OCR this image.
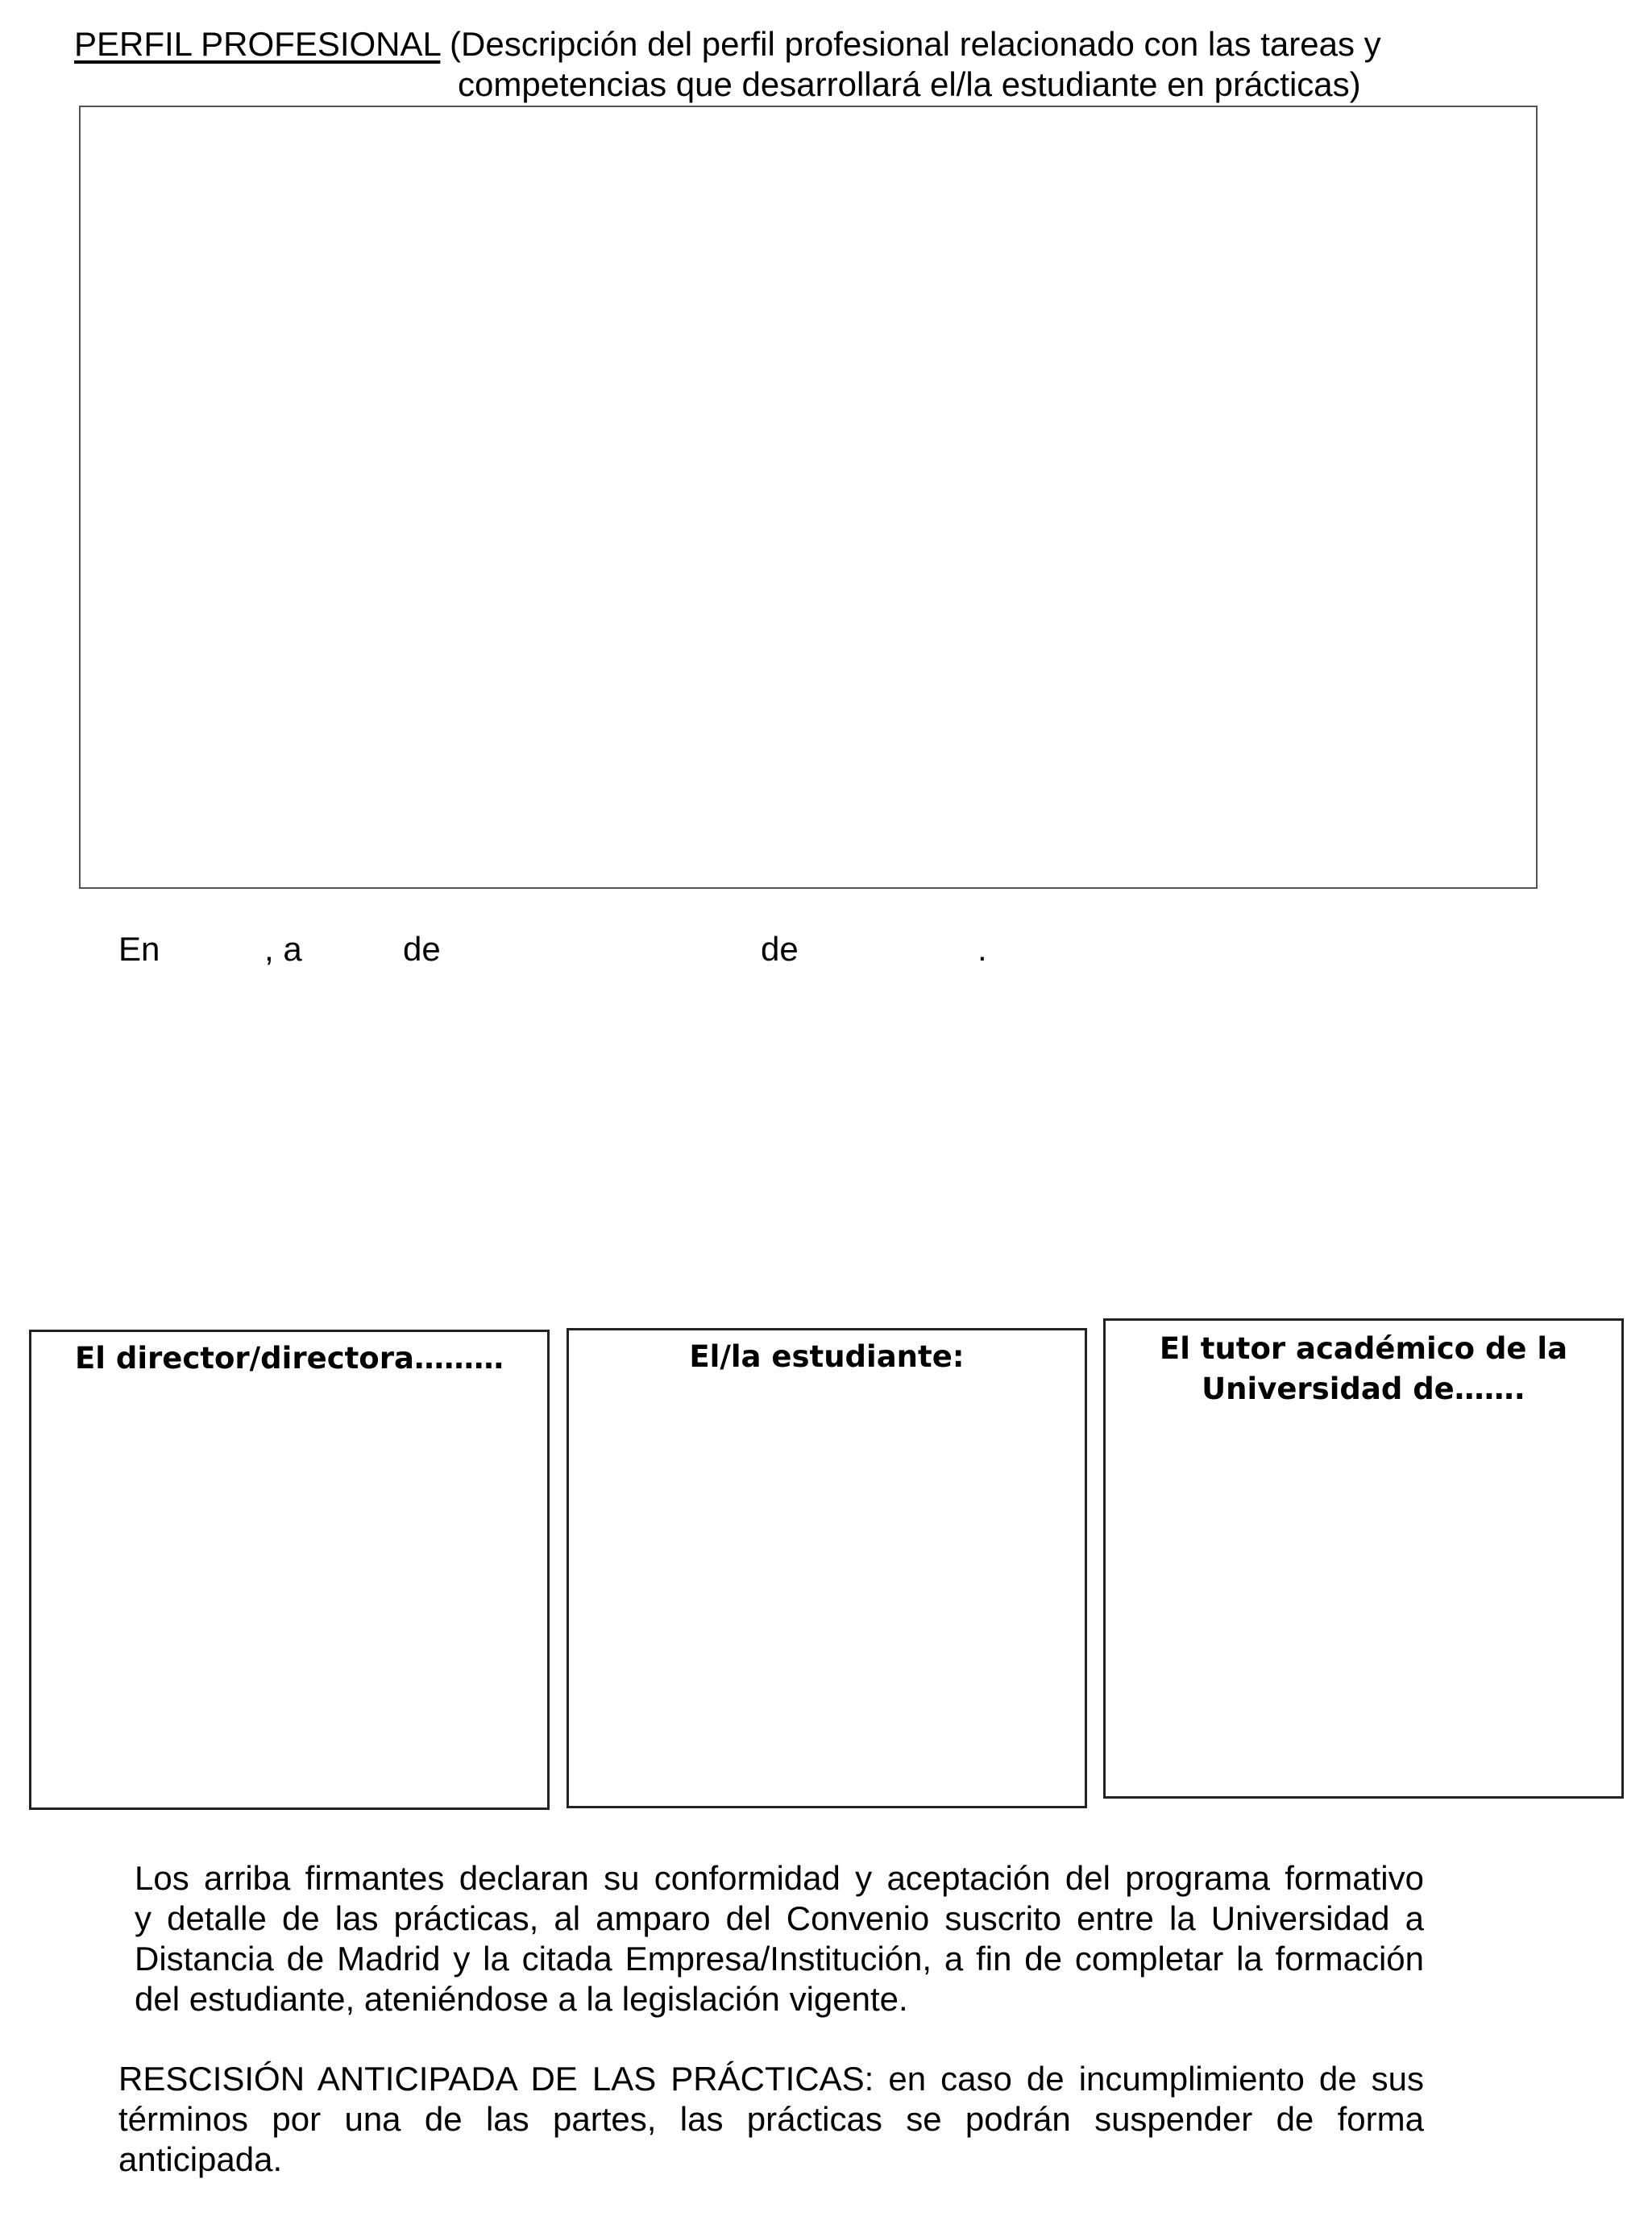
PERFIL PROFESIONAL (Descripción del perfil profesional relacionado con las tareas y
competencias que desarrollará el/la estudiante en prácticas)
En	, a	de	de	.
El director/directora………	El/la estudiante:	El tutor académico de la
Universidad de…….
Los arriba firmantes declaran su conformidad y aceptación del programa formativo
y detalle de las prácticas, al amparo del Convenio suscrito entre la Universidad a
Distancia de Madrid y la citada Empresa/Institución, a fin de completar la formación
del estudiante, ateniéndose a la legislación vigente.
RESCISIÓN ANTICIPADA DE LAS PRÁCTICAS: en caso de incumplimiento de sus
términos por una de las partes, las prácticas se podrán suspender de forma
anticipada.
